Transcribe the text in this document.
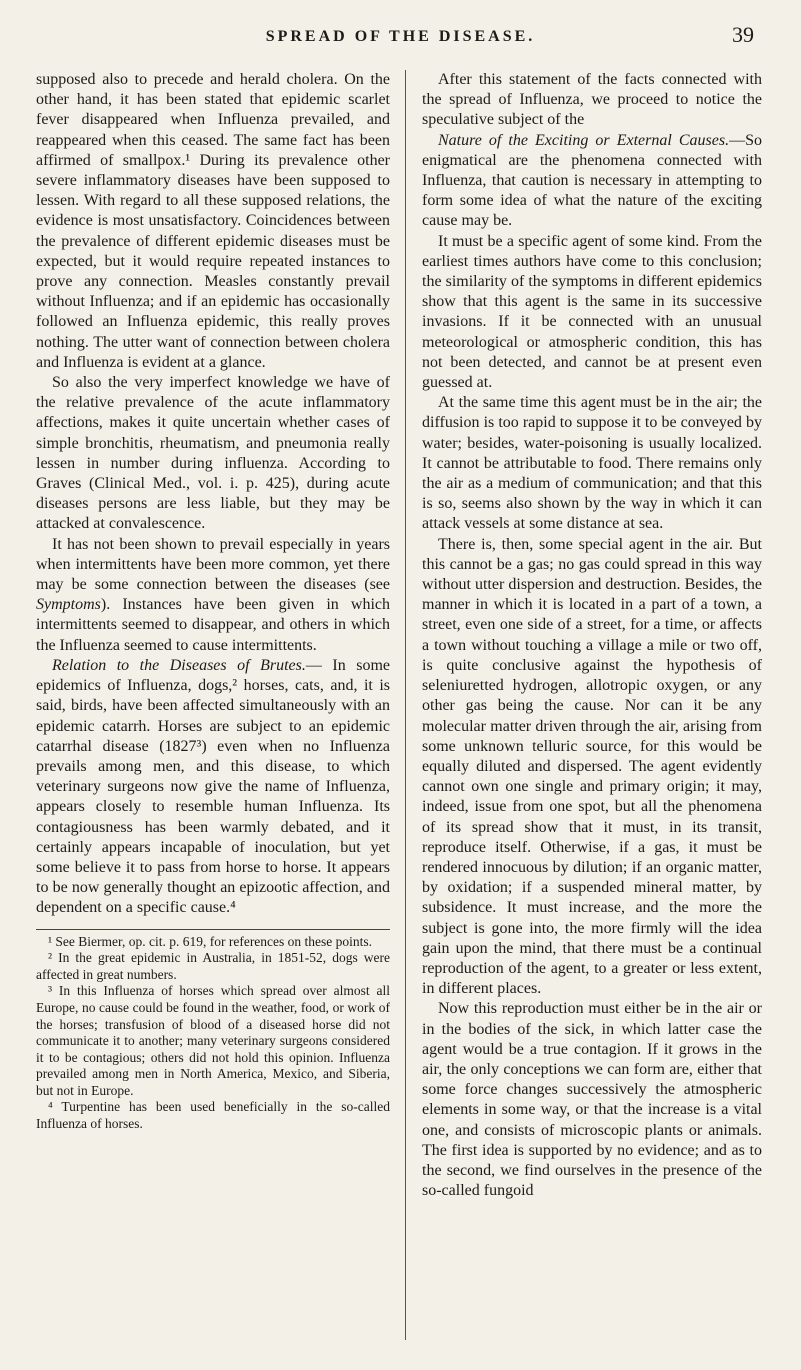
SPREAD OF THE DISEASE.	39

supposed also to precede and herald cholera. On the other hand, it has been stated that epidemic scarlet fever disappeared when Influenza prevailed, and reappeared when this ceased. The same fact has been affirmed of smallpox.¹ During its prevalence other severe inflammatory diseases have been supposed to lessen. With regard to all these supposed relations, the evidence is most unsatisfactory. Coincidences between the prevalence of different epidemic diseases must be expected, but it would require repeated instances to prove any connection. Measles constantly prevail without Influenza; and if an epidemic has occasionally followed an Influenza epidemic, this really proves nothing. The utter want of connection between cholera and Influenza is evident at a glance.

So also the very imperfect knowledge we have of the relative prevalence of the acute inflammatory affections, makes it quite uncertain whether cases of simple bronchitis, rheumatism, and pneumonia really lessen in number during influenza. According to Graves (Clinical Med., vol. i. p. 425), during acute diseases persons are less liable, but they may be attacked at convalescence.

It has not been shown to prevail especially in years when intermittents have been more common, yet there may be some connection between the diseases (see Symptoms). Instances have been given in which intermittents seemed to disappear, and others in which the Influenza seemed to cause intermittents.

Relation to the Diseases of Brutes.— In some epidemics of Influenza, dogs,² horses, cats, and, it is said, birds, have been affected simultaneously with an epidemic catarrh. Horses are subject to an epidemic catarrhal disease (1827³) even when no Influenza prevails among men, and this disease, to which veterinary surgeons now give the name of Influenza, appears closely to resemble human Influenza. Its contagiousness has been warmly debated, and it certainly appears incapable of inoculation, but yet some believe it to pass from horse to horse. It appears to be now generally thought an epizootic affection, and dependent on a specific cause.⁴

¹ See Biermer, op. cit. p. 619, for references on these points.

² In the great epidemic in Australia, in 1851-52, dogs were affected in great numbers.

³ In this Influenza of horses which spread over almost all Europe, no cause could be found in the weather, food, or work of the horses; transfusion of blood of a diseased horse did not communicate it to another; many veterinary surgeons considered it to be contagious; others did not hold this opinion. Influenza prevailed among men in North America, Mexico, and Siberia, but not in Europe.

⁴ Turpentine has been used beneficially in the so-called Influenza of horses.

After this statement of the facts connected with the spread of Influenza, we proceed to notice the speculative subject of the

Nature of the Exciting or External Causes.—So enigmatical are the phenomena connected with Influenza, that caution is necessary in attempting to form some idea of what the nature of the exciting cause may be.

It must be a specific agent of some kind. From the earliest times authors have come to this conclusion; the similarity of the symptoms in different epidemics show that this agent is the same in its successive invasions. If it be connected with an unusual meteorological or atmospheric condition, this has not been detected, and cannot be at present even guessed at.

At the same time this agent must be in the air; the diffusion is too rapid to suppose it to be conveyed by water; besides, water-poisoning is usually localized. It cannot be attributable to food. There remains only the air as a medium of communication; and that this is so, seems also shown by the way in which it can attack vessels at some distance at sea.

There is, then, some special agent in the air. But this cannot be a gas; no gas could spread in this way without utter dispersion and destruction. Besides, the manner in which it is located in a part of a town, a street, even one side of a street, for a time, or affects a town without touching a village a mile or two off, is quite conclusive against the hypothesis of seleniuretted hydrogen, allotropic oxygen, or any other gas being the cause. Nor can it be any molecular matter driven through the air, arising from some unknown telluric source, for this would be equally diluted and dispersed. The agent evidently cannot own one single and primary origin; it may, indeed, issue from one spot, but all the phenomena of its spread show that it must, in its transit, reproduce itself. Otherwise, if a gas, it must be rendered innocuous by dilution; if an organic matter, by oxidation; if a suspended mineral matter, by subsidence. It must increase, and the more the subject is gone into, the more firmly will the idea gain upon the mind, that there must be a continual reproduction of the agent, to a greater or less extent, in different places.

Now this reproduction must either be in the air or in the bodies of the sick, in which latter case the agent would be a true contagion. If it grows in the air, the only conceptions we can form are, either that some force changes successively the atmospheric elements in some way, or that the increase is a vital one, and consists of microscopic plants or animals. The first idea is supported by no evidence; and as to the second, we find ourselves in the presence of the so-called fungoid
